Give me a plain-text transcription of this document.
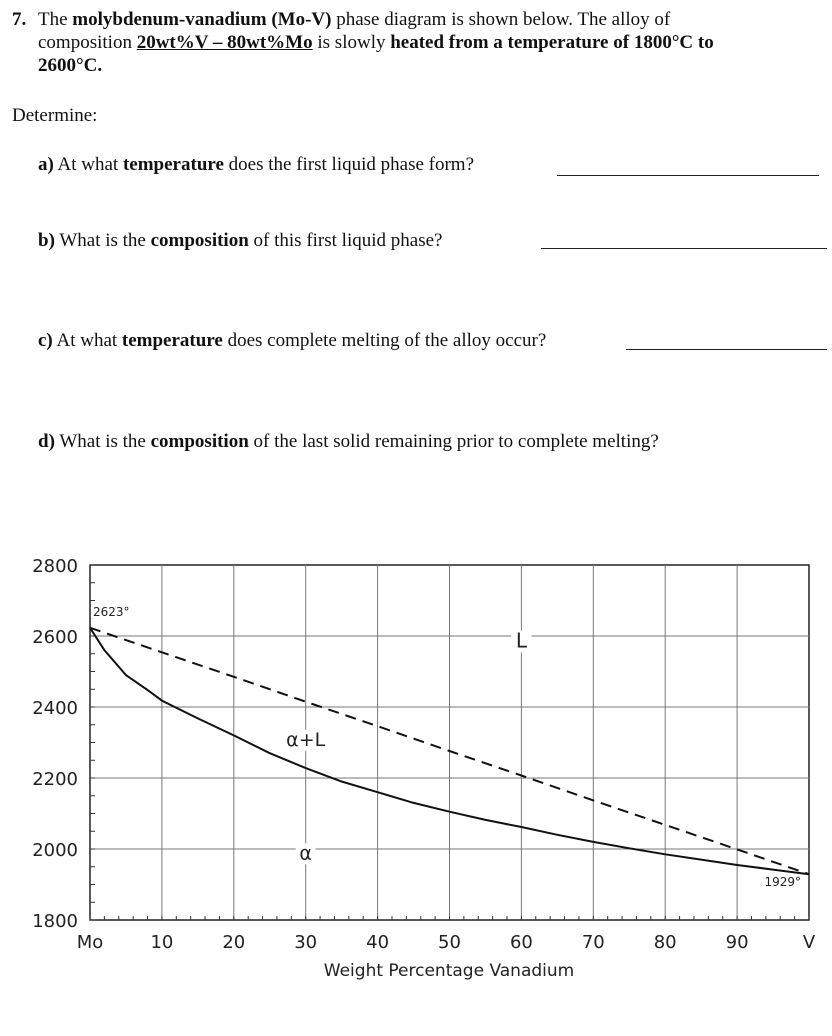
7. The molybdenum-vanadium (Mo-V) phase diagram is shown below. The alloy of
composition 20wt%V – 80wt%Mo is slowly heated from a temperature of 1800°C to
2600°C.
Determine:
a) At what temperature does the first liquid phase form?
b) What is the composition of this first liquid phase?
c) At what temperature does complete melting of the alloy occur?
d) What is the composition of the last solid remaining prior to complete melting?
1800
2000
2200
2400
2600
2800
Mo	10	20	30	40	50	60	70	80	90	V
2623°
1929°
L
α+L
α
Weight Percentage Vanadium
